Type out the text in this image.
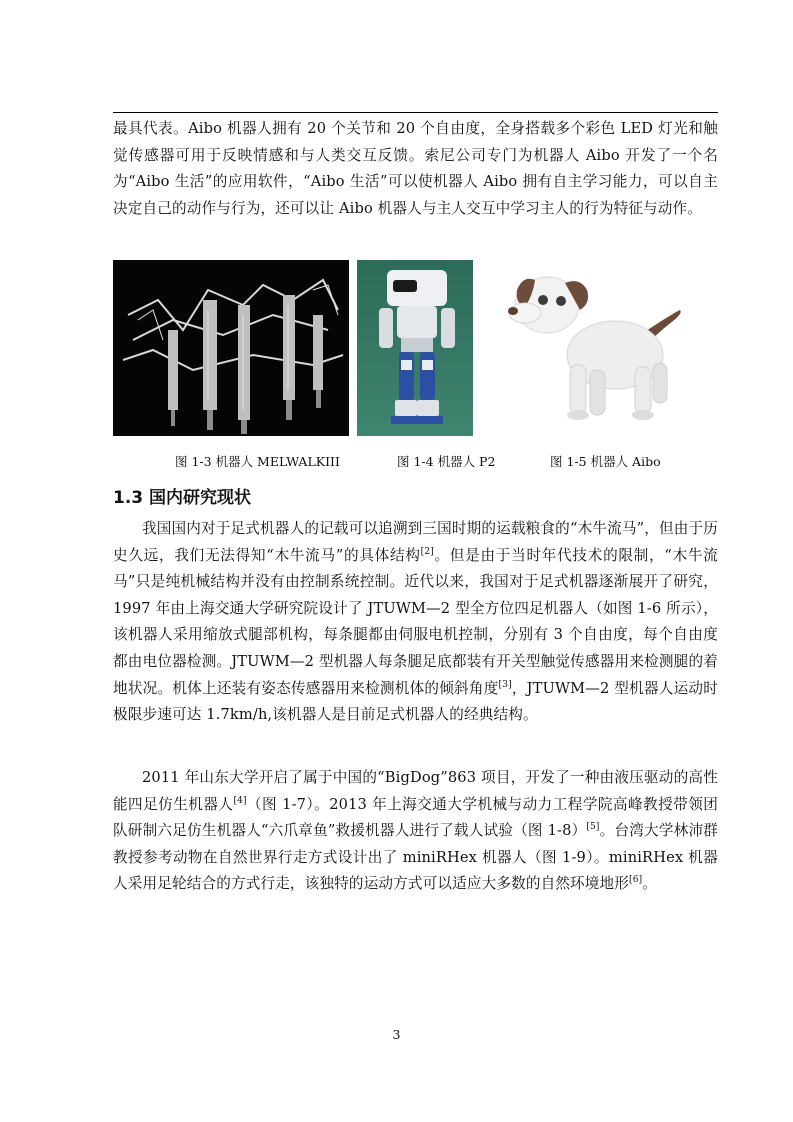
最具代表。Aibo 机器人拥有 20 个关节和 20 个自由度，全身搭载多个彩色 LED 灯光和触觉传感器可用于反映情感和与人类交互反馈。索尼公司专门为机器人 Aibo 开发了一个名为“Aibo 生活”的应用软件，“Aibo 生活”可以使机器人 Aibo 拥有自主学习能力，可以自主决定自己的动作与行为，还可以让 Aibo 机器人与主人交互中学习主人的行为特征与动作。

图 1-3 机器人 MELWALKIII	图 1-4 机器人 P2	图 1-5 机器人 Aibo
1.3 国内研究现状

我国国内对于足式机器人的记载可以追溯到三国时期的运载粮食的“木牛流马”，但由于历史久远，我们无法得知“木牛流马”的具体结构[2]。但是由于当时年代技术的限制，“木牛流马”只是纯机械结构并没有由控制系统控制。近代以来，我国对于足式机器逐渐展开了研究，1997 年由上海交通大学研究院设计了 JTUWM—2 型全方位四足机器人（如图 1-6 所示），该机器人采用缩放式腿部机构，每条腿都由伺服电机控制，分别有 3 个自由度，每个自由度都由电位器检测。JTUWM—2 型机器人每条腿足底都装有开关型触觉传感器用来检测腿的着地状况。机体上还装有姿态传感器用来检测机体的倾斜角度[3]，JTUWM—2 型机器人运动时极限步速可达 1.7km/h,该机器人是目前足式机器人的经典结构。

2011 年山东大学开启了属于中国的“BigDog”863 项目，开发了一种由液压驱动的高性能四足仿生机器人[4]（图 1-7）。2013 年上海交通大学机械与动力工程学院高峰教授带领团队研制六足仿生机器人“六爪章鱼”救援机器人进行了载人试验（图 1-8）[5]。台湾大学林沛群教授参考动物在自然世界行走方式设计出了 miniRHex 机器人（图 1-9）。miniRHex 机器人采用足轮结合的方式行走，该独特的运动方式可以适应大多数的自然环境地形[6]。

3
